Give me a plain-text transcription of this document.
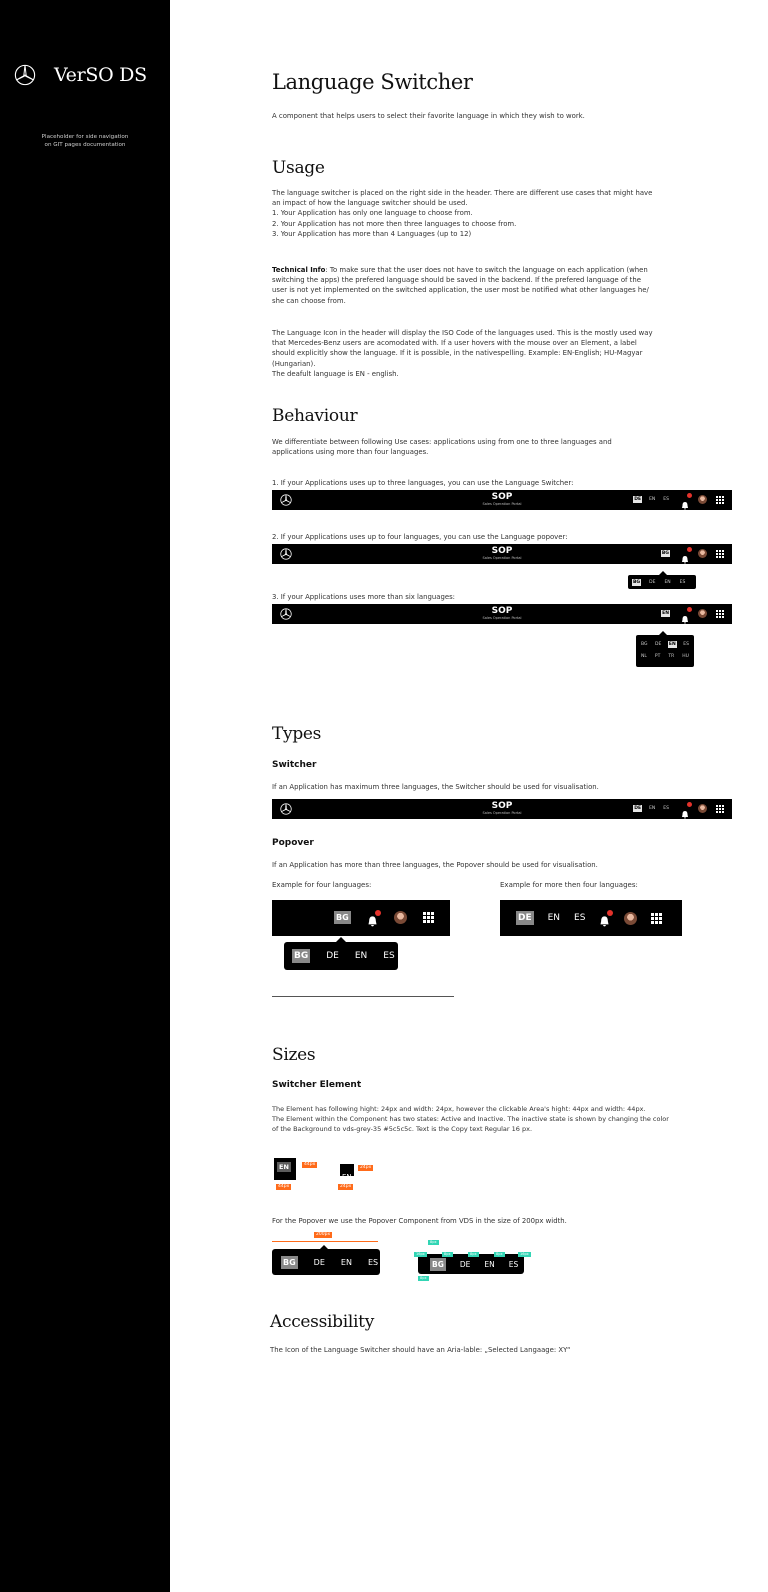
VerSO DS
Placeholder for side navigation
on GIT pages documentation
Language Switcher
A component that helps users to select their favorite language in which they wish to work.
Usage
The language switcher is placed on the right side in the header. There are different use cases that might have
an impact of how the language switcher should be used.
1. Your Application has only one language to choose from.
2. Your Application has not more then three languages to choose from.
3. Your Application has more than 4 Languages (up to 12)
Technical Info: To make sure that the user does not have to switch the language on each application (when
switching the apps) the prefered language should be saved in the backend. If the prefered language of the
user is not yet implemented on the switched application, the user most be notified what other languages he/
she can choose from.
The Language Icon in the header will display the ISO Code of the languages used. This is the mostly used way
that Mercedes-Benz users are acomodated with. If a user hovers with the mouse over an Element, a label
should explicitly show the language. If it is possible, in the nativespelling. Example: EN-English; HU-Magyar
(Hungarian).
The deafult language is EN - english.
Behaviour
We differentiate between following Use cases: applications using from one to three languages and
applications using more than four languages.
1. If your Applications uses up to three languages, you can use the Language Switcher:
SOP
Sales Operation Portal
DE EN ES
2. If your Applications uses up to four languages, you can use the Language popover:
SOP
Sales Operation Portal
BG
BG DE EN ES
3. If your Applications uses more than six languages:
SOP
Sales Operation Portal
EN
BG DE EN ES
NL PT TR HU
Types
Switcher
If an Application has maximum three languages, the Switcher should be used for visualisation.
SOP
Sales Operation Portal
DE EN ES
Popover
If an Application has more than three languages, the Popover should be used for visualisation.
Example for four languages:	Example for more then four languages:
BG
BG DE EN ES
DE EN ES
Sizes
Switcher Element
The Element has following hight: 24px and width: 24px, however the clickable Area's hight: 44px and width: 44px.
The Element within the Component has two states: Active and Inactive. The inactive state is shown by changing the color
of the Background to vds-grey-35 #5c5c5c. Text is the Copy text Regular 16 px.
EN	44px
44px
EN
24px
24px
For the Popover we use the Popover Component from VDS in the size of 200px width.
200px
BG DE EN ES	BG DE EN ES
8px
16px	8px	8px	8px	16px
8px
Accessibility
The Icon of the Language Switcher should have an Aria-lable: „Selected Langaage: XY“
